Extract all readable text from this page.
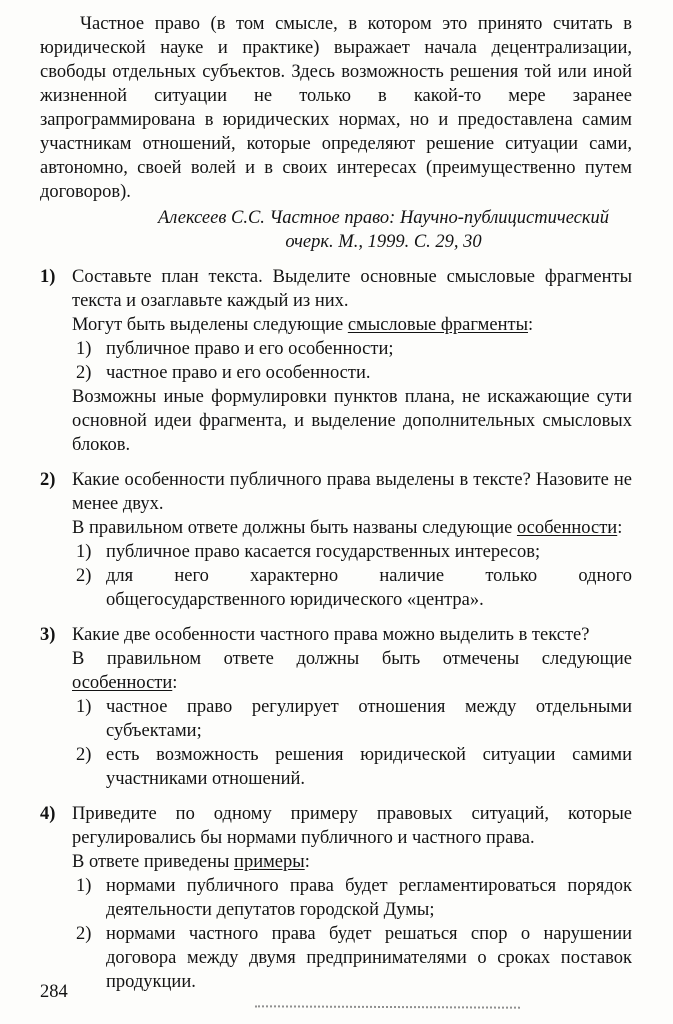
Частное право (в том смысле, в котором это принято считать в юридической науке и практике) выражает начала децентрализации, свободы отдельных субъектов. Здесь возможность решения той или иной жизненной ситуации не только в какой-то мере заранее запрограммирована в юридических нормах, но и предоставлена самим участникам отношений, которые определяют решение ситуации сами, автономно, своей волей и в своих интересах (преимущественно путем договоров).

Алексеев С.С. Частное право: Научно-публицистический
очерк. М., 1999. С. 29, 30
1) Составьте план текста. Выделите основные смысловые фрагменты текста и озаглавьте каждый из них.
Могут быть выделены следующие смысловые фрагменты:
1) публичное право и его особенности;
2) частное право и его особенности.
Возможны иные формулировки пунктов плана, не искажающие сути основной идеи фрагмента, и выделение дополнительных смысловых блоков.
2) Какие особенности публичного права выделены в тексте? Назовите не менее двух.
В правильном ответе должны быть названы следующие особенности:
1) публичное право касается государственных интересов;
2) для него характерно наличие только одного общегосударственного юридического «центра».
3) Какие две особенности частного права можно выделить в тексте?
В правильном ответе должны быть отмечены следующие особенности:
1) частное право регулирует отношения между отдельными субъектами;
2) есть возможность решения юридической ситуации самими участниками отношений.
4) Приведите по одному примеру правовых ситуаций, которые регулировались бы нормами публичного и частного права.
В ответе приведены примеры:
1) нормами публичного права будет регламентироваться порядок деятельности депутатов городской Думы;
2) нормами частного права будет решаться спор о нарушении договора между двумя предпринимателями о сроках поставок продукции.
284
